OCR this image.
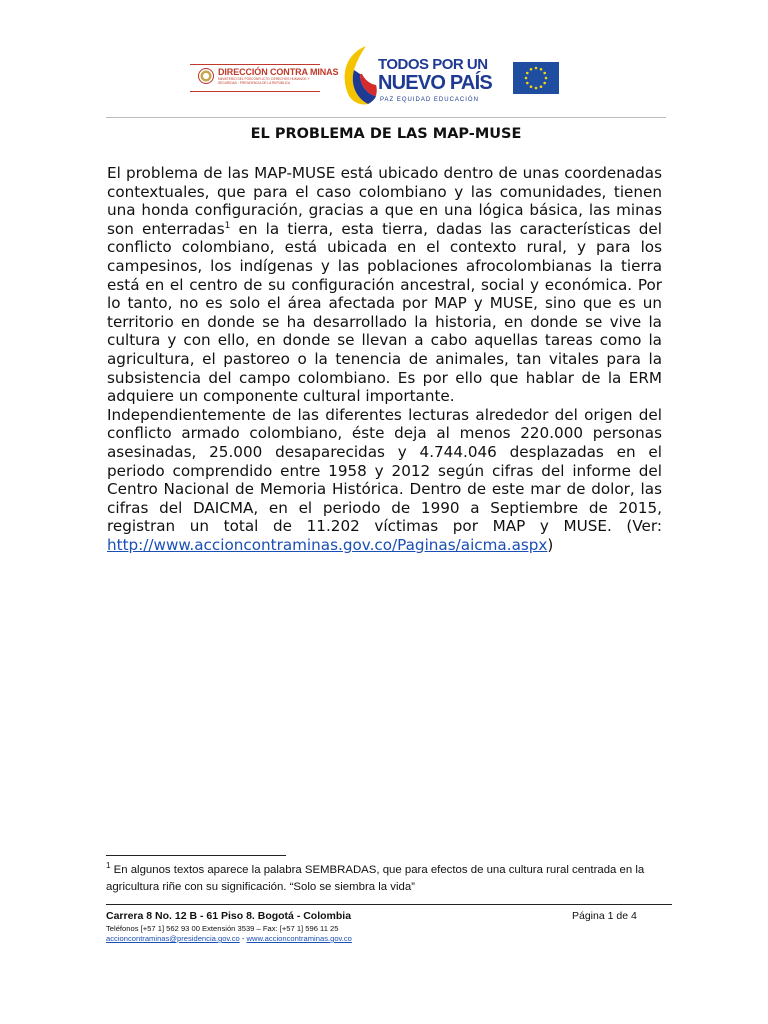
DIRECCIÓN CONTRA MINAS
MINISTERIO DEL POSCONFLICTO, DERECHOS HUMANOS Y SEGURIDAD · PRESIDENCIA DE LA REPÚBLICA
TODOS POR UN
NUEVO PAÍS
PAZ EQUIDAD EDUCACIÓN
EL PROBLEMA DE LAS MAP-MUSE

El problema de las MAP-MUSE está ubicado dentro de unas coordenadas contextuales, que para el caso colombiano y las comunidades, tienen una honda configuración, gracias a que en una lógica básica, las minas son enterradas$^1$ en la tierra, esta tierra, dadas las características del conflicto colombiano, está ubicada en el contexto rural, y para los campesinos, los indígenas y las poblaciones afrocolombianas la tierra está en el centro de su configuración ancestral, social y económica. Por lo tanto, no es solo el área afectada por MAP y MUSE, sino que es un territorio en donde se ha desarrollado la historia, en donde se vive la cultura y con ello, en donde se llevan a cabo aquellas tareas como la agricultura, el pastoreo o la tenencia de animales, tan vitales para la subsistencia del campo colombiano. Es por ello que hablar de la ERM adquiere un componente cultural importante.

Independientemente de las diferentes lecturas alrededor del origen del conflicto armado colombiano, éste deja al menos 220.000 personas asesinadas, 25.000 desaparecidas y 4.744.046 desplazadas en el periodo comprendido entre 1958 y 2012 según cifras del informe del Centro Nacional de Memoria Histórica. Dentro de este mar de dolor, las cifras del DAICMA, en el periodo de 1990 a Septiembre de 2015, registran un total de 11.202 víctimas por MAP y MUSE. (Ver: http://www.accioncontraminas.gov.co/Paginas/aicma.aspx)

$^1$ En algunos textos aparece la palabra SEMBRADAS, que para efectos de una cultura rural centrada en la agricultura riñe con su significación. “Solo se siembra la vida”
Carrera 8 No. 12 B - 61 Piso 8. Bogotá - Colombia	Página 1 de 4
Teléfonos [+57 1] 562 93 00 Extensión 3539 – Fax: [+57 1] 596 11 25
accioncontraminas@presidencia.gov.co - www.accioncontraminas.gov.co
